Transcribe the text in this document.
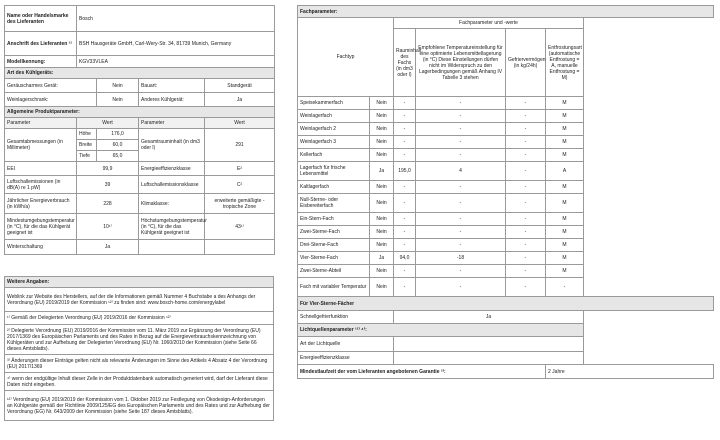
Name oder Handelsmarke des Lieferanten	Bosch			
Anschrift des Lieferanten ¹²	BSH Hausgeräte GmbH, Carl-Wery-Str. 34, 81739 Munich, Germany			
Modellkennung:	KGV33VLEA			
Art des Kühlgeräts:				
Geräuscharmes Gerät:		Nein	Bauart:	Standgerät
Weinlagerschrank:		Nein	Anderes Kühlgerät:	Ja
Allgemeine Produktparameter:				
Parameter	Wert		Parameter	Wert
Gesamtabmessungen (in Millimeter)	Höhe	176,0	Gesamtrauminhalt (in dm3 oder l)	291
	Breite	60,0		
	Tiefe	65,0		
EEI	99,9		Energieeffizienzklasse	E²
Luftschallemissionen (in dB(A) re 1 pW)	39		Luftschallemissionsklasse	C²
Jährlicher Energieverbrauch (in kWh/a)	228		Klimaklasse:	erweiterte gemäßigte - tropische Zone
Mindestumgebungstemperatur (in °C), für die das Kühlgerät geeignet ist	10¹⁾		Höchstumgebungstemperatur (in °C), für die das Kühlgerät geeignet ist	43¹⁾
Winterschaltung	Ja			
Weitere Angaben:
Weblink zur Website des Herstellers, auf der die Informationen gemäß Nummer 4 Buchstabe a des Anhangs der Verordnung (EU) 2019/2019 der Kommission ¹²⁾ zu finden sind: www.bosch-home.com/energylabel
¹⁾ Gemäß der Delegierten Verordnung (EU) 2019/2016 der Kommission ¹²⁾
²⁾ Delegierte Verordnung (EU) 2019/2016 der Kommission vom 11. März 2019 zur Ergänzung der Verordnung (EU) 2017/1369 des Europäischen Parlaments und des Rates in Bezug auf die Energieverbrauchskennzeichnung von Kühlgeräten und zur Aufhebung der Delegierten Verordnung (EU) Nr. 1060/2010 der Kommission (siehe Seite 66 dieses Amtsblatts).
³⁾ Änderungen dieser Einträge gelten nicht als relevante Änderungen im Sinne des Artikels 4 Absatz 4 der Verordnung (EU) 2017/1369
⁴⁾ wenn der endgültige Inhalt dieser Zelle in der Produktdatenbank automatisch generiert wird, darf der Lieferant diese Daten nicht eingeben.
¹²⁾ Verordnung (EU) 2019/2019 der Kommission vom 1. Oktober 2019 zur Festlegung von Ökodesign-Anforderungen an Kühlgeräte gemäß der Richtlinie 2009/125/EG des Europäischen Parlaments und des Rates und zur Aufhebung der Verordnung (EG) Nr. 643/2009 der Kommission (siehe Seite 187 dieses Amtsblatts).
Fachparameter:						
Fachtyp		Fachparameter und -werte				
		Rauminhalt des Fachs (in dm3 oder l)	Empfohlene Temperatureinstellung für eine optimierte Lebensmittellagerung (in °C) Diese Einstellungen dürfen nicht im Widerspruch zu den Lagerbedingungen gemäß Anhang IV Tabelle 3 stehen	Gefriervermögen (in kg/24h)	Entfrostungsart (automatische Entfrostung = A, manuelle Entfrostung = M)	
Speisekammerfach	Nein	-	-	-	M	
Weinlagerfach	Nein	-	-	-	M	
Weinlagerfach 2	Nein	-	-	-	M	
Weinlagerfach 3	Nein	-	-	-	M	
Kellerfach	Nein	-	-	-	M	
Lagerfach für frische Lebensmittel	Ja	195,0	4	-	A	
Kaltlagerfach	Nein	-	-	-	M	
Null-Sterne- oder Eisbereiterfach	Nein	-	-	-	M	
Ein-Stern-Fach	Nein	-	-	-	M	
Zwei-Sterne-Fach	Nein	-	-	-	M	
Drei-Sterne-Fach	Nein	-	-	-	M	
Vier-Sterne-Fach	Ja	94,0	-18	-	M	
Zwei-Sterne-Abteil	Nein	-	-	-	M	
Fach mit variabler Temperatur	Nein	-	-	-	-	
Für Vier-Sterne-Fächer						
Schnellgefrierfunktion		Ja				
Lichtquellenparameter ¹²⁾ ⁴⁾:						
Art der Lichtquelle						
Energieeffizienzklasse						
Mindestlaufzeit der vom Lieferanten angebotenen Garantie ²⁾:					2 Jahre	
